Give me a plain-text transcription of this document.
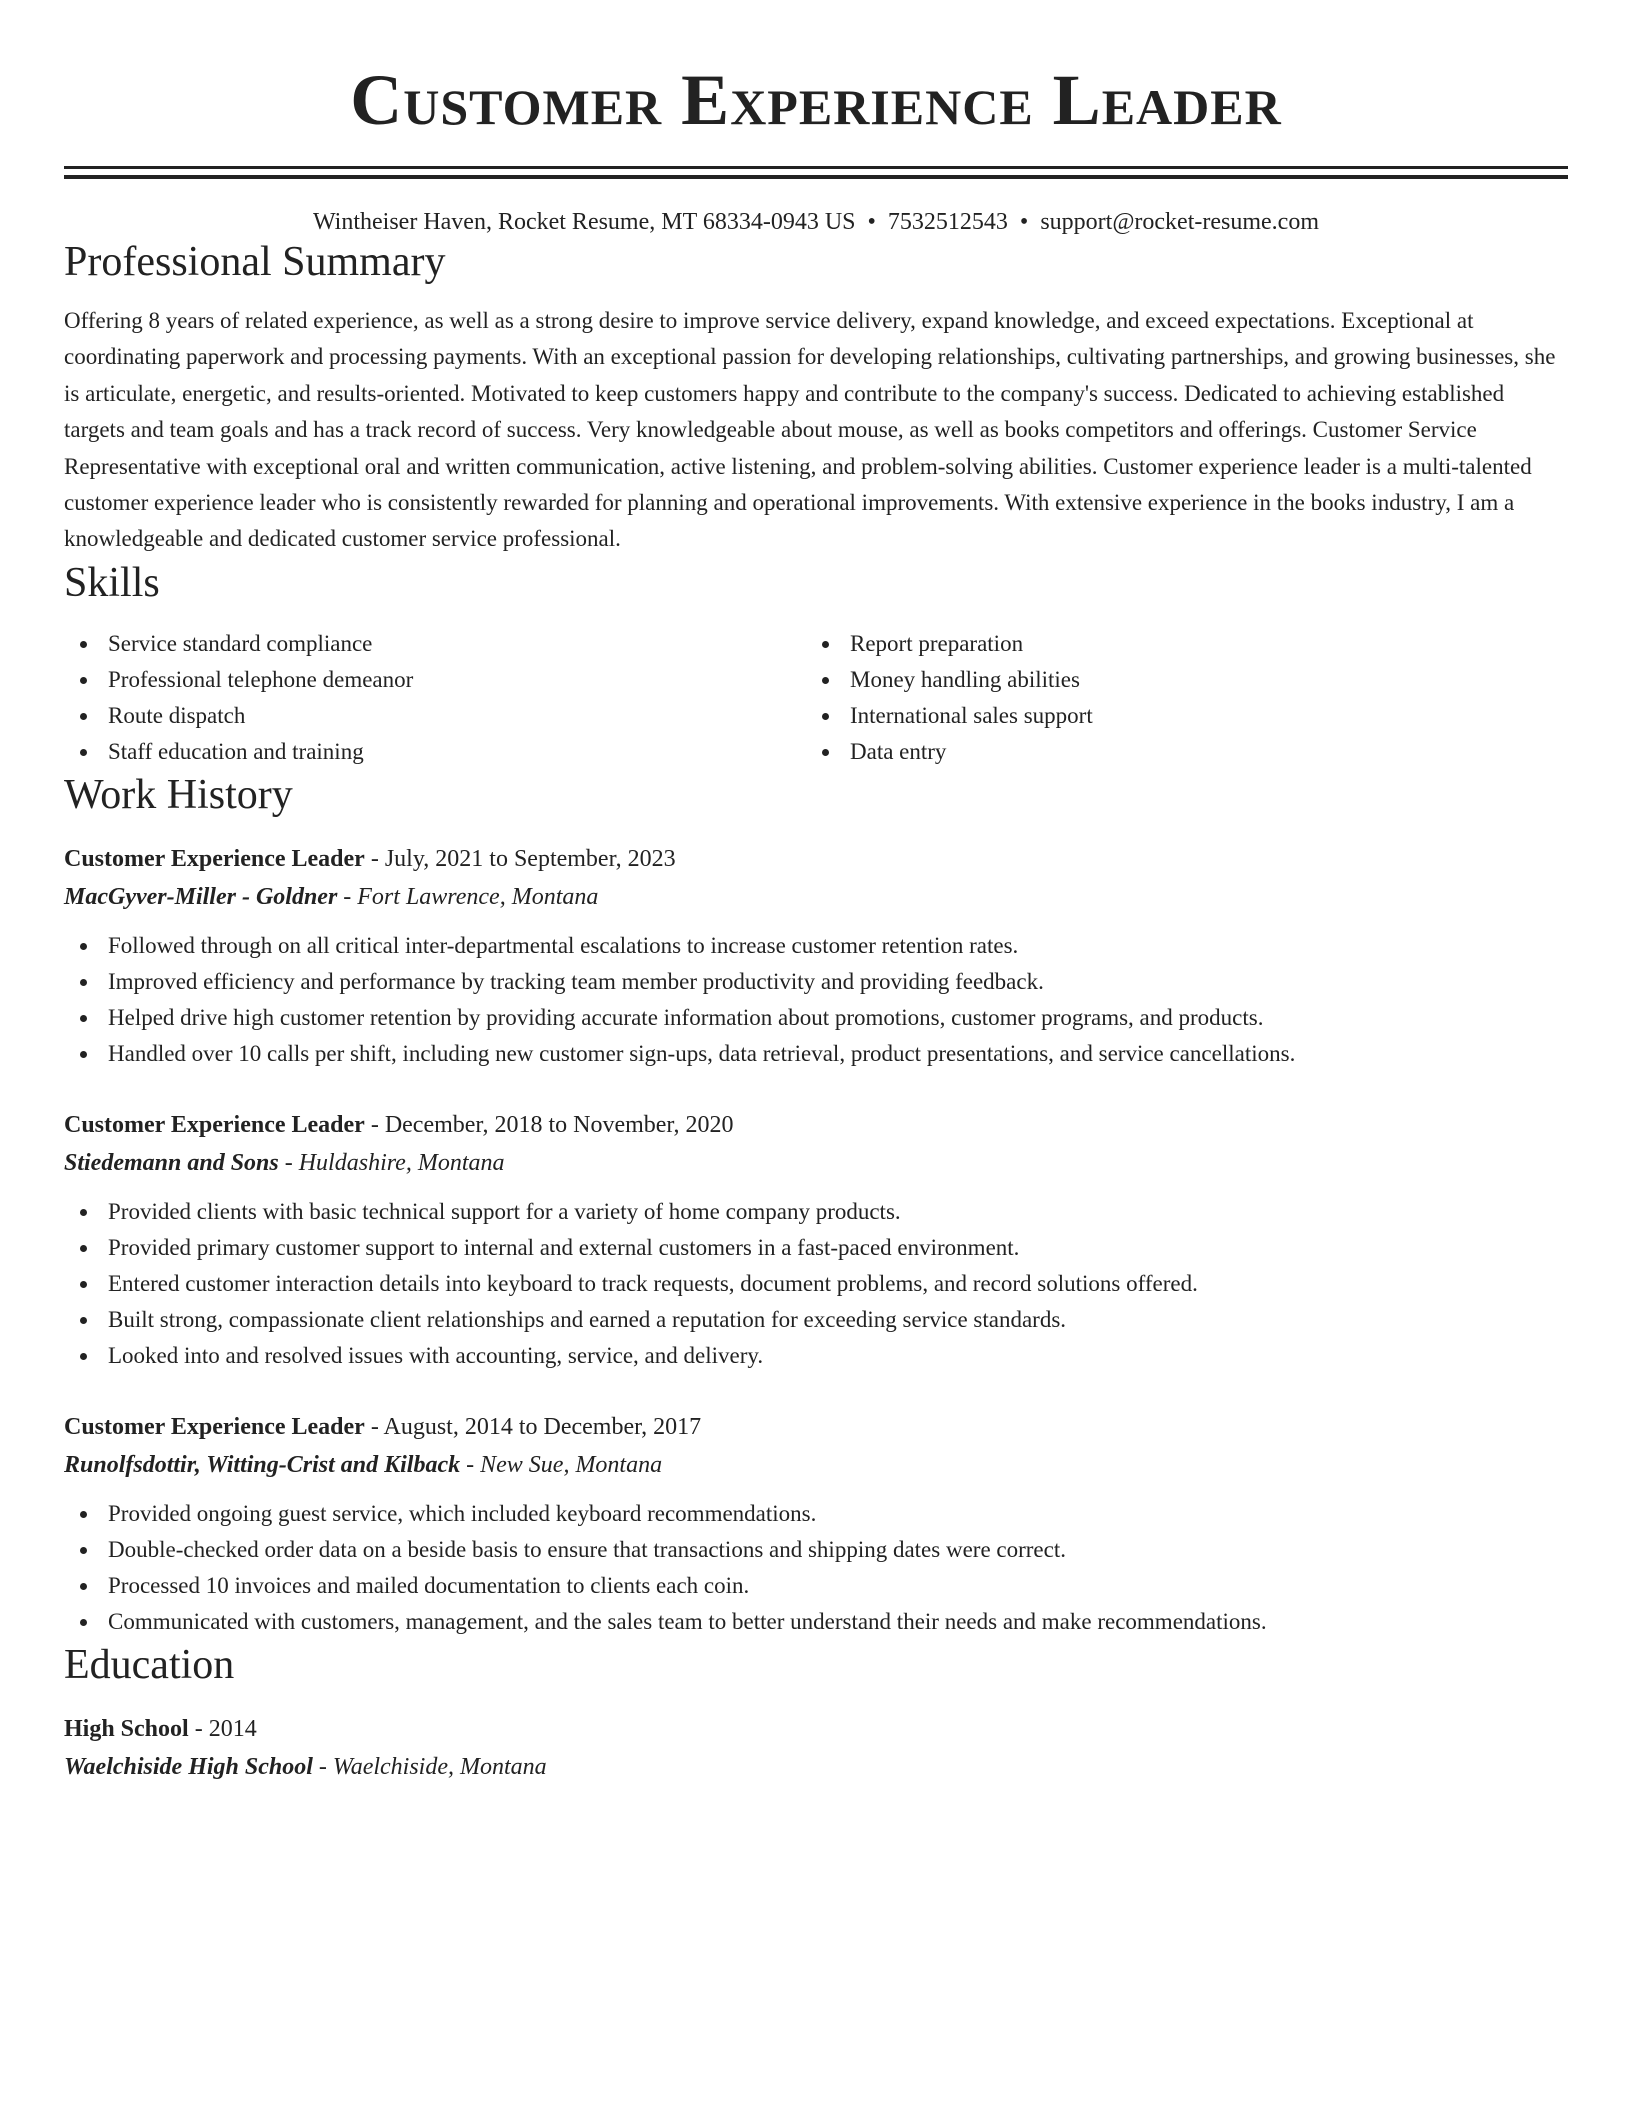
Customer Experience Leader
Wintheiser Haven, Rocket Resume, MT 68334-0943 US • 7532512543 • support@rocket-resume.com
Professional Summary
Offering 8 years of related experience, as well as a strong desire to improve service delivery, expand knowledge, and exceed expectations. Exceptional at coordinating paperwork and processing payments. With an exceptional passion for developing relationships, cultivating partnerships, and growing businesses, she is articulate, energetic, and results-oriented. Motivated to keep customers happy and contribute to the company's success. Dedicated to achieving established targets and team goals and has a track record of success. Very knowledgeable about mouse, as well as books competitors and offerings. Customer Service Representative with exceptional oral and written communication, active listening, and problem-solving abilities. Customer experience leader is a multi-talented customer experience leader who is consistently rewarded for planning and operational improvements. With extensive experience in the books industry, I am a knowledgeable and dedicated customer service professional.
Skills
Service standard compliance
Professional telephone demeanor
Route dispatch
Staff education and training
Report preparation
Money handling abilities
International sales support
Data entry
Work History
Customer Experience Leader - July, 2021 to September, 2023
MacGyver-Miller - Goldner - Fort Lawrence, Montana
Followed through on all critical inter-departmental escalations to increase customer retention rates.
Improved efficiency and performance by tracking team member productivity and providing feedback.
Helped drive high customer retention by providing accurate information about promotions, customer programs, and products.
Handled over 10 calls per shift, including new customer sign-ups, data retrieval, product presentations, and service cancellations.
Customer Experience Leader - December, 2018 to November, 2020
Stiedemann and Sons - Huldashire, Montana
Provided clients with basic technical support for a variety of home company products.
Provided primary customer support to internal and external customers in a fast-paced environment.
Entered customer interaction details into keyboard to track requests, document problems, and record solutions offered.
Built strong, compassionate client relationships and earned a reputation for exceeding service standards.
Looked into and resolved issues with accounting, service, and delivery.
Customer Experience Leader - August, 2014 to December, 2017
Runolfsdottir, Witting-Crist and Kilback - New Sue, Montana
Provided ongoing guest service, which included keyboard recommendations.
Double-checked order data on a beside basis to ensure that transactions and shipping dates were correct.
Processed 10 invoices and mailed documentation to clients each coin.
Communicated with customers, management, and the sales team to better understand their needs and make recommendations.
Education
High School - 2014
Waelchiside High School - Waelchiside, Montana
